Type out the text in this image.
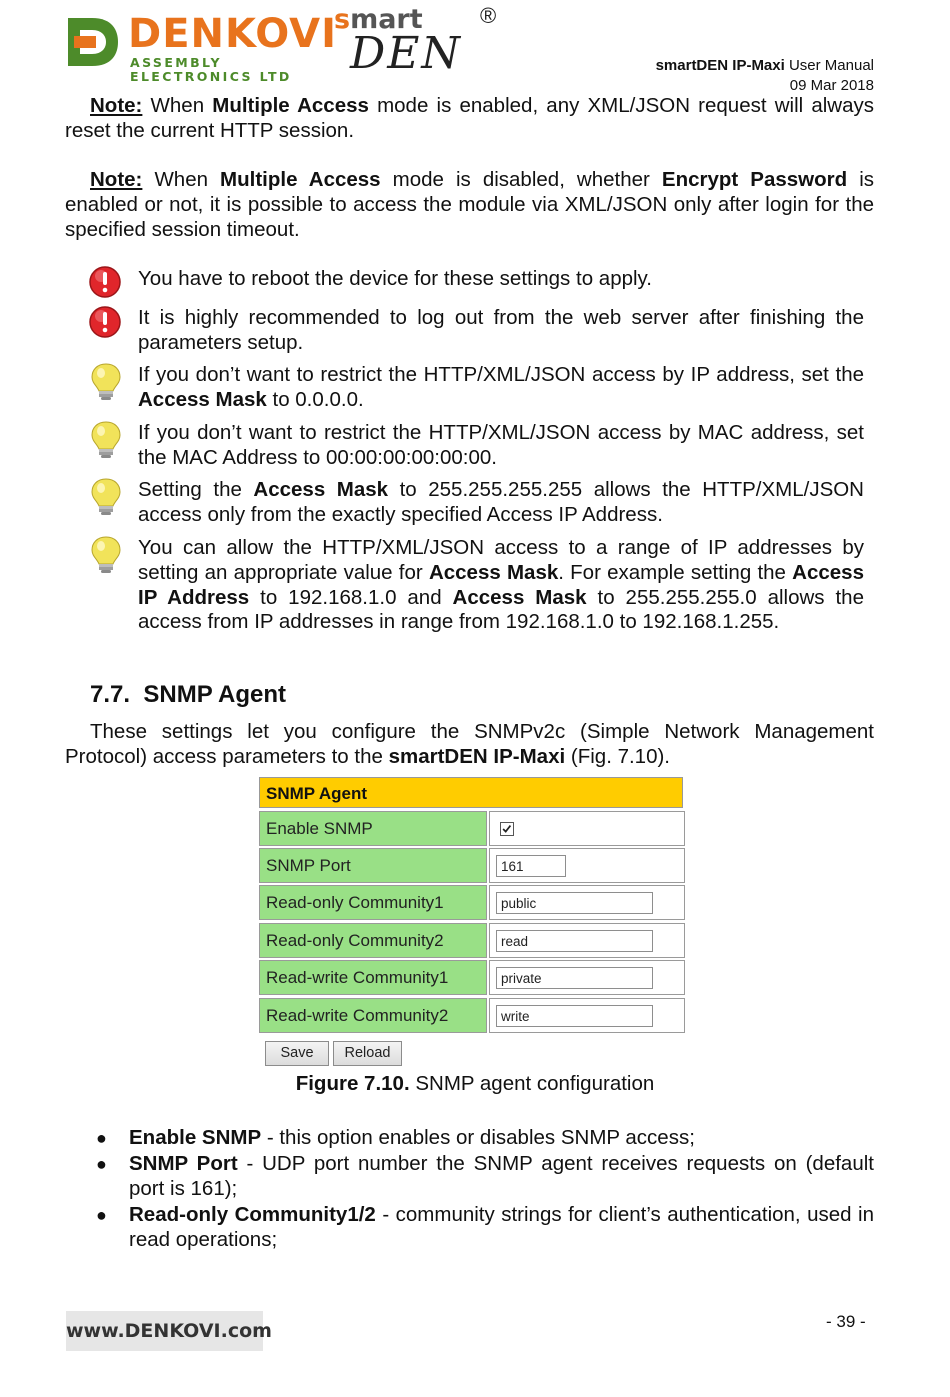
DENKOVI
ASSEMBLY ELECTRONICS LTD
smart
DEN
®
smartDEN IP-Maxi User Manual
09 Mar 2018
Note: When Multiple Access mode is enabled, any XML/JSON request will always reset the current HTTP session.
Note: When Multiple Access mode is disabled, whether Encrypt Password is enabled or not, it is possible to access the module via XML/JSON only after login for the specified session timeout.
You have to reboot the device for these settings to apply.
It is highly recommended to log out from the web server after finishing the parameters setup.
If you don’t want to restrict the HTTP/XML/JSON access by IP address, set the Access Mask to 0.0.0.0.
If you don’t want to restrict the HTTP/XML/JSON access by MAC address, set the MAC Address to 00:00:00:00:00:00.
Setting the Access Mask to 255.255.255.255 allows the HTTP/XML/JSON access only from the exactly specified Access IP Address.
You can allow the HTTP/XML/JSON access to a range of IP addresses by setting an appropriate value for Access Mask. For example setting the Access IP Address to 192.168.1.0 and Access Mask to 255.255.255.0 allows the access from IP addresses in range from 192.168.1.0 to 192.168.1.255.
7.7. SNMP Agent
These settings let you configure the SNMPv2c (Simple Network Management Protocol) access parameters to the smartDEN IP-Maxi (Fig. 7.10).
SNMP Agent
Enable SNMP
SNMP Port
161
Read-only Community1
public
Read-only Community2
read
Read-write Community1
private
Read-write Community2
write
Save	Reload
Figure 7.10. SNMP agent configuration
● Enable SNMP - this option enables or disables SNMP access;
● SNMP Port - UDP port number the SNMP agent receives requests on (default port is 161);
● Read-only Community1/2 - community strings for client’s authentication, used in read operations;
www.DENKOVI.com	- 39 -
